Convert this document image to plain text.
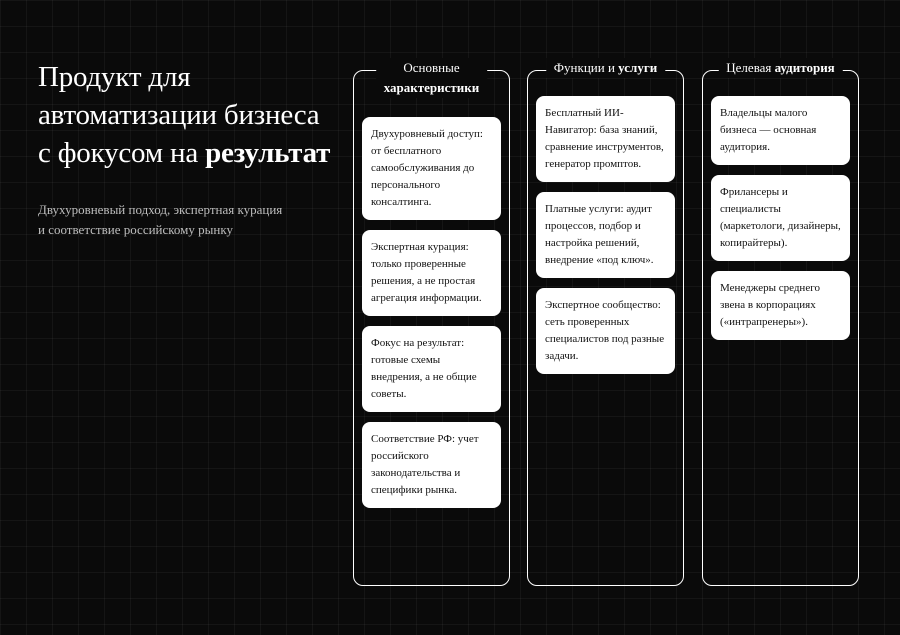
Продукт для автоматизации бизнеса с фокусом на результат
Двухуровневый подход, экспертная курация и соответствие российскому рынку
Основные
характеристики
Двухуровневый доступ: от бесплатного самообслуживания до персонального консалтинга.
Экспертная курация: только проверенные решения, а не простая агрегация информации.
Фокус на результат: готовые схемы внедрения, а не общие советы.
Соответствие РФ: учет российского законодательства и специфики рынка.
Функции и услуги
Бесплатный ИИ-Навигатор: база знаний, сравнение инструментов, генератор промптов.
Платные услуги: аудит процессов, подбор и настройка решений, внедрение «под ключ».
Экспертное сообщество: сеть проверенных специалистов под разные задачи.
Целевая аудитория
Владельцы малого бизнеса — основная аудитория.
Фрилансеры и специалисты (маркетологи, дизайнеры, копирайтеры).
Менеджеры среднего звена в корпорациях («интрапренеры»).
